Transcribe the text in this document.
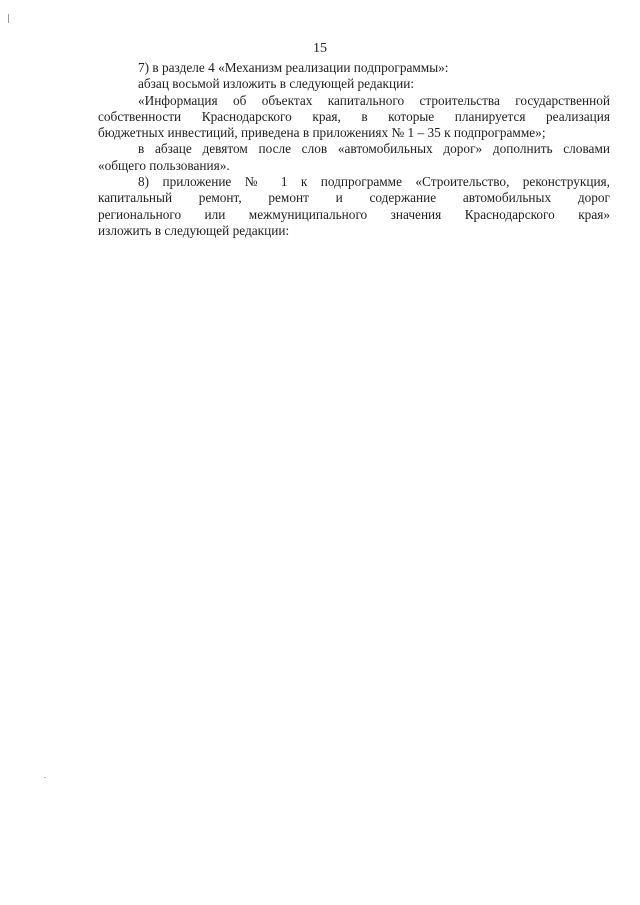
15

7) в разделе 4 «Механизм реализации подпрограммы»:

абзац восьмой изложить в следующей редакции:

«Информация об объектах капитального строительства государственной
собственности Краснодарского края, в которые планируется реализация
бюджетных инвестиций, приведена в приложениях № 1 – 35 к подпрограмме»;
в абзаце девятом после слов «автомобильных дорог» дополнить словами
«общего пользования».
8) приложение № 1 к подпрограмме «Строительство, реконструкция,
капитальный ремонт, ремонт и содержание автомобильных дорог
регионального или межмуниципального значения Краснодарского края»
изложить в следующей редакции:
